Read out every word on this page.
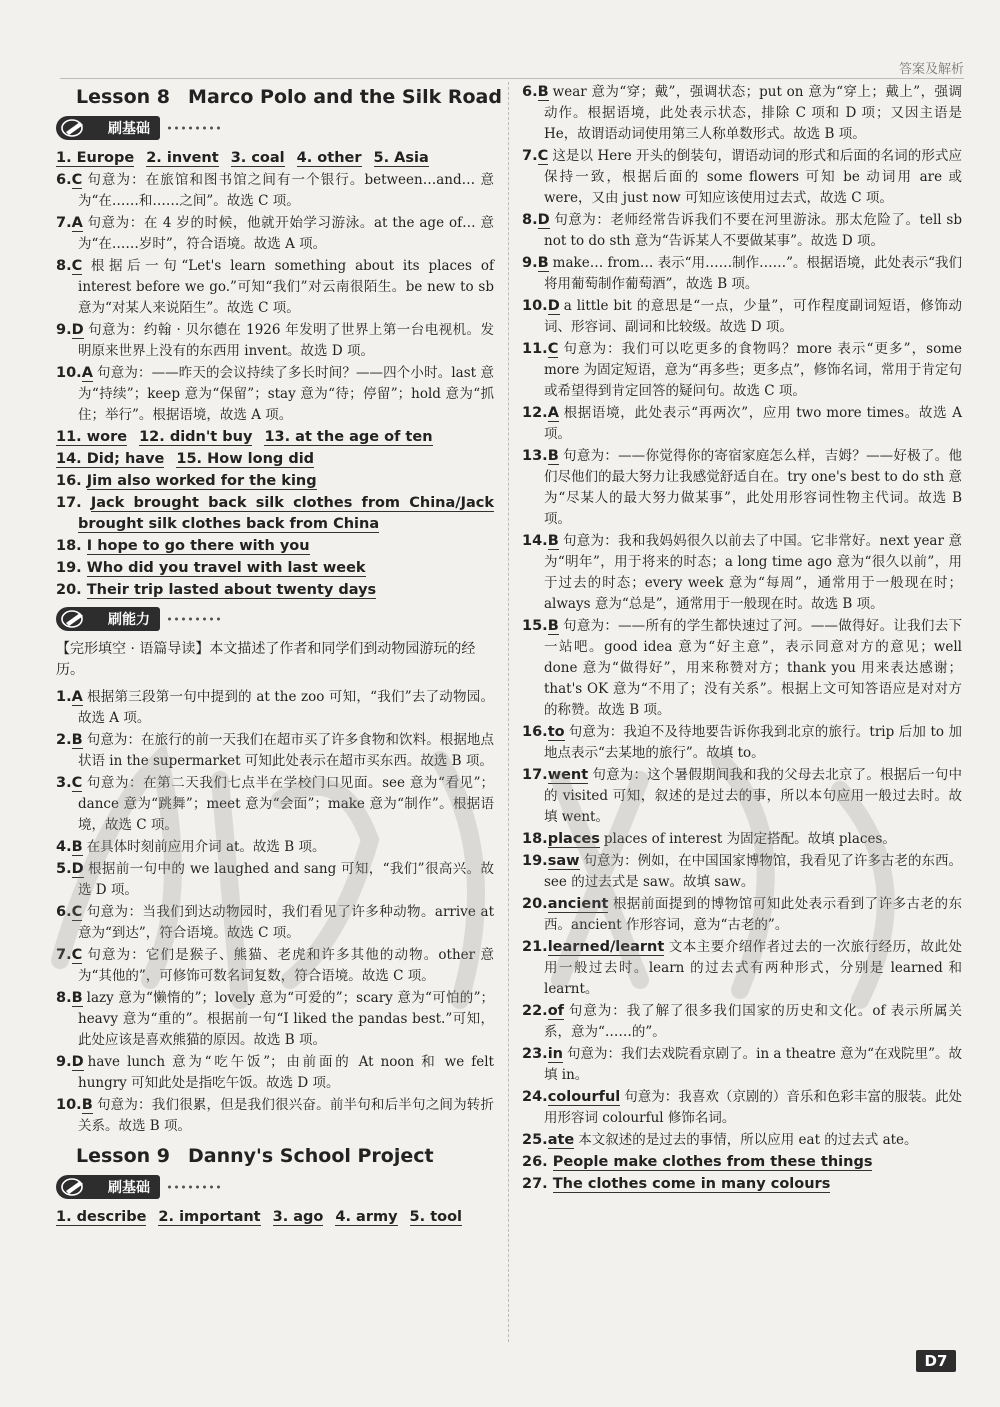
答案及解析
Lesson 8 Marco Polo and the Silk Road
刷基础
1. Europe 2. invent 3. coal 4. other 5. Asia
6.C 句意为：在旅馆和图书馆之间有一个银行。between…and… 意为“在……和……之间”。故选 C 项。
7.A 句意为：在 4 岁的时候，他就开始学习游泳。at the age of… 意为“在……岁时”，符合语境。故选 A 项。
8.C 根据后一句“Let's learn something about its places of interest before we go.”可知“我们”对云南很陌生。be new to sb 意为“对某人来说陌生”。故选 C 项。
9.D 句意为：约翰 · 贝尔德在 1926 年发明了世界上第一台电视机。发明原来世界上没有的东西用 invent。故选 D 项。
10.A 句意为：——昨天的会议持续了多长时间？——四个小时。last 意为“持续”；keep 意为“保留”；stay 意为“待；停留”；hold 意为“抓住；举行”。根据语境，故选 A 项。
11. wore 12. didn't buy 13. at the age of ten
14. Did; have 15. How long did
16. Jim also worked for the king
17. Jack brought back silk clothes from China/Jack brought silk clothes back from China
18. I hope to go there with you
19. Who did you travel with last week
20. Their trip lasted about twenty days
刷能力
【完形填空 · 语篇导读】本文描述了作者和同学们到动物园游玩的经历。
1.A 根据第三段第一句中提到的 at the zoo 可知，“我们”去了动物园。故选 A 项。
2.B 句意为：在旅行的前一天我们在超市买了许多食物和饮料。根据地点状语 in the supermarket 可知此处表示在超市买东西。故选 B 项。
3.C 句意为：在第二天我们七点半在学校门口见面。see 意为“看见”；dance 意为“跳舞”；meet 意为“会面”；make 意为“制作”。根据语境，故选 C 项。
4.B 在具体时刻前应用介词 at。故选 B 项。
5.D 根据前一句中的 we laughed and sang 可知，“我们”很高兴。故选 D 项。
6.C 句意为：当我们到达动物园时，我们看见了许多种动物。arrive at 意为“到达”，符合语境。故选 C 项。
7.C 句意为：它们是猴子、熊猫、老虎和许多其他的动物。other 意为“其他的”，可修饰可数名词复数，符合语境。故选 C 项。
8.B lazy 意为“懒惰的”；lovely 意为“可爱的”；scary 意为“可怕的”；heavy 意为“重的”。根据前一句“I liked the pandas best.”可知，此处应该是喜欢熊猫的原因。故选 B 项。
9.D have lunch 意为“吃午饭”；由前面的 At noon 和 we felt hungry 可知此处是指吃午饭。故选 D 项。
10.B 句意为：我们很累，但是我们很兴奋。前半句和后半句之间为转折关系。故选 B 项。
Lesson 9 Danny's School Project
刷基础
1. describe 2. important 3. ago 4. army 5. tool
6.B wear 意为“穿；戴”，强调状态；put on 意为“穿上；戴上”，强调动作。根据语境，此处表示状态，排除 C 项和 D 项；又因主语是 He，故谓语动词使用第三人称单数形式。故选 B 项。
7.C 这是以 Here 开头的倒装句，谓语动词的形式和后面的名词的形式应保持一致，根据后面的 some flowers 可知 be 动词用 are 或 were，又由 just now 可知应该使用过去式，故选 C 项。
8.D 句意为：老师经常告诉我们不要在河里游泳。那太危险了。tell sb not to do sth 意为“告诉某人不要做某事”。故选 D 项。
9.B make… from… 表示“用……制作……”。根据语境，此处表示“我们将用葡萄制作葡萄酒”，故选 B 项。
10.D a little bit 的意思是“一点，少量”，可作程度副词短语，修饰动词、形容词、副词和比较级。故选 D 项。
11.C 句意为：我们可以吃更多的食物吗？more 表示“更多”，some more 为固定短语，意为“再多些；更多点”，修饰名词，常用于肯定句或希望得到肯定回答的疑问句。故选 C 项。
12.A 根据语境，此处表示“再两次”，应用 two more times。故选 A 项。
13.B 句意为：——你觉得你的寄宿家庭怎么样，吉姆？——好极了。他们尽他们的最大努力让我感觉舒适自在。try one's best to do sth 意为“尽某人的最大努力做某事”，此处用形容词性物主代词。故选 B 项。
14.B 句意为：我和我妈妈很久以前去了中国。它非常好。next year 意为“明年”，用于将来的时态；a long time ago 意为“很久以前”，用于过去的时态；every week 意为“每周”，通常用于一般现在时；always 意为“总是”，通常用于一般现在时。故选 B 项。
15.B 句意为：——所有的学生都快速过了河。——做得好。让我们去下一站吧。good idea 意为“好主意”，表示同意对方的意见；well done 意为“做得好”，用来称赞对方；thank you 用来表达感谢；that's OK 意为“不用了；没有关系”。根据上文可知答语应是对对方的称赞。故选 B 项。
16.to 句意为：我迫不及待地要告诉你我到北京的旅行。trip 后加 to 加地点表示“去某地的旅行”。故填 to。
17.went 句意为：这个暑假期间我和我的父母去北京了。根据后一句中的 visited 可知，叙述的是过去的事，所以本句应用一般过去时。故填 went。
18.places places of interest 为固定搭配。故填 places。
19.saw 句意为：例如，在中国国家博物馆，我看见了许多古老的东西。see 的过去式是 saw。故填 saw。
20.ancient 根据前面提到的博物馆可知此处表示看到了许多古老的东西。ancient 作形容词，意为“古老的”。
21.learned/learnt 文本主要介绍作者过去的一次旅行经历，故此处用一般过去时。learn 的过去式有两种形式，分别是 learned 和 learnt。
22.of 句意为：我了解了很多我们国家的历史和文化。of 表示所属关系，意为“……的”。
23.in 句意为：我们去戏院看京剧了。in a theatre 意为“在戏院里”。故填 in。
24.colourful 句意为：我喜欢（京剧的）音乐和色彩丰富的服装。此处用形容词 colourful 修饰名词。
25.ate 本文叙述的是过去的事情，所以应用 eat 的过去式 ate。
26. People make clothes from these things
27. The clothes come in many colours
D7
